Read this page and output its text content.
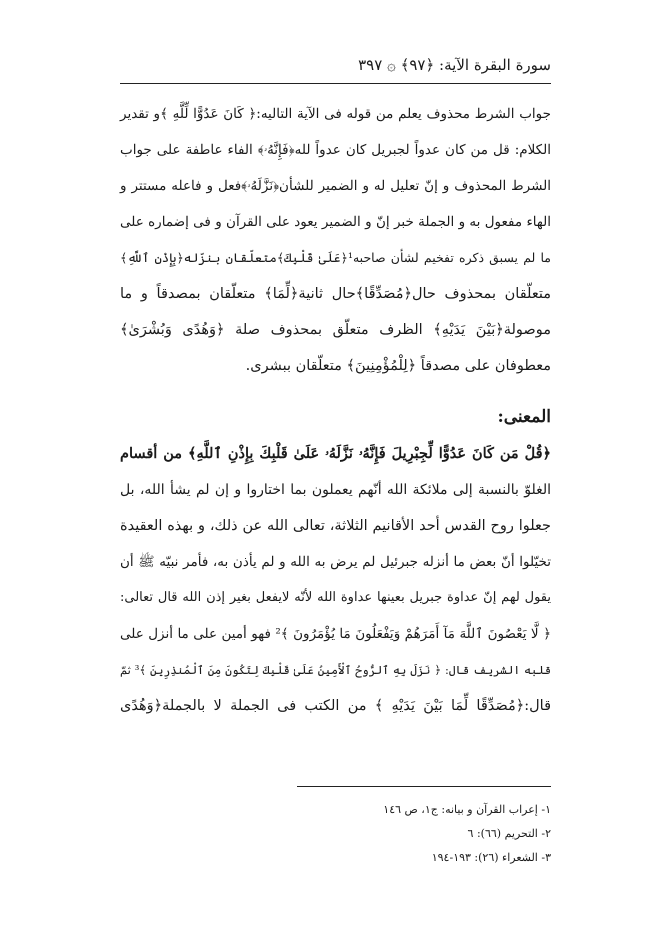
سورة البقرة الآية: ﴿۹۷﴾ ۞ ۳۹۷
جواب الشرط محذوف يعلم من قوله فى الآية التاليه:﴿ كَانَ عَدُوًّا لِّلَّهِ ﴾و تقدير
الكلام: قل من كان عدواً لجبريل كان عدواً لله﴿فَإِنَّهُۥ﴾ الفاء عاطفة على جواب
الشرط المحذوف و إنّ تعليل له و الضمير للشأن﴿نَزَّلَهُۥ﴾فعل و فاعله مستتر و
الهاء مفعول به و الجملة خبر إنّ و الضمير يعود على القرآن و فى إضماره على
ما لم يسبق ذكره تفخيم لشأن صاحبه¹﴿عَلَىٰ قَلْبِكَ﴾متعلّقان بنزّله﴿بِإِذْنِ ٱللَّهِ﴾
متعلّقان بمحذوف حال﴿مُصَدِّقًا﴾حال ثانية﴿لِّمَا﴾ متعلّقان بمصدقاً و ما
موصولة﴿بَيْنَ يَدَيْهِ﴾ الظرف متعلّق بمحذوف صلة ﴿وَهُدًى وَبُشْرَىٰ﴾
معطوفان على مصدقاً ﴿لِلْمُؤْمِنِينَ﴾ متعلّقان ببشرى.
المعنى:
﴿قُلْ مَن كَانَ عَدُوًّا لِّجِبْرِيلَ فَإِنَّهُۥ نَزَّلَهُۥ عَلَىٰ قَلْبِكَ بِإِذْنِ ٱللَّهِ﴾ من أقسام
الغلوّ بالنسبة إلى ملائكة الله أنّهم يعملون بما اختاروا و إن لم يشأ الله، بل
جعلوا روح القدس أحد الأقانيم الثلاثة، تعالى الله عن ذلك، و بهذه العقيدة
تخيّلوا أنّ بعض ما أنزله جبرئيل لم يرض به الله و لم يأذن به، فأمر نبيّه ﷺ أن
يقول لهم إنّ عداوة جبريل بعينها عداوة الله لأنّه لايفعل بغير إذن الله قال تعالى:
﴿ لَّا يَعْصُونَ ٱللَّهَ مَآ أَمَرَهُمْ وَيَفْعَلُونَ مَا يُؤْمَرُونَ ﴾² فهو أمين على ما أنزل على
قلبه الشريف قال: ﴿ نَزَلَ بِهِ ٱلرُّوحُ ٱلْأَمِينُ عَلَىٰ قَلْبِكَ لِتَكُونَ مِنَ ٱلْمُنذِرِينَ ﴾³ ثمّ
قال:﴿مُصَدِّقًا لِّمَا بَيْنَ يَدَيْهِ ﴾ من الكتب فى الجملة لا بالجملة﴿وَهُدًى
١- إعراب القرآن و بيانه: ج١، ص ١٤٦
٢- التحريم (٦٦): ٦
٣- الشعراء (٢٦): ١٩٣-١٩٤
